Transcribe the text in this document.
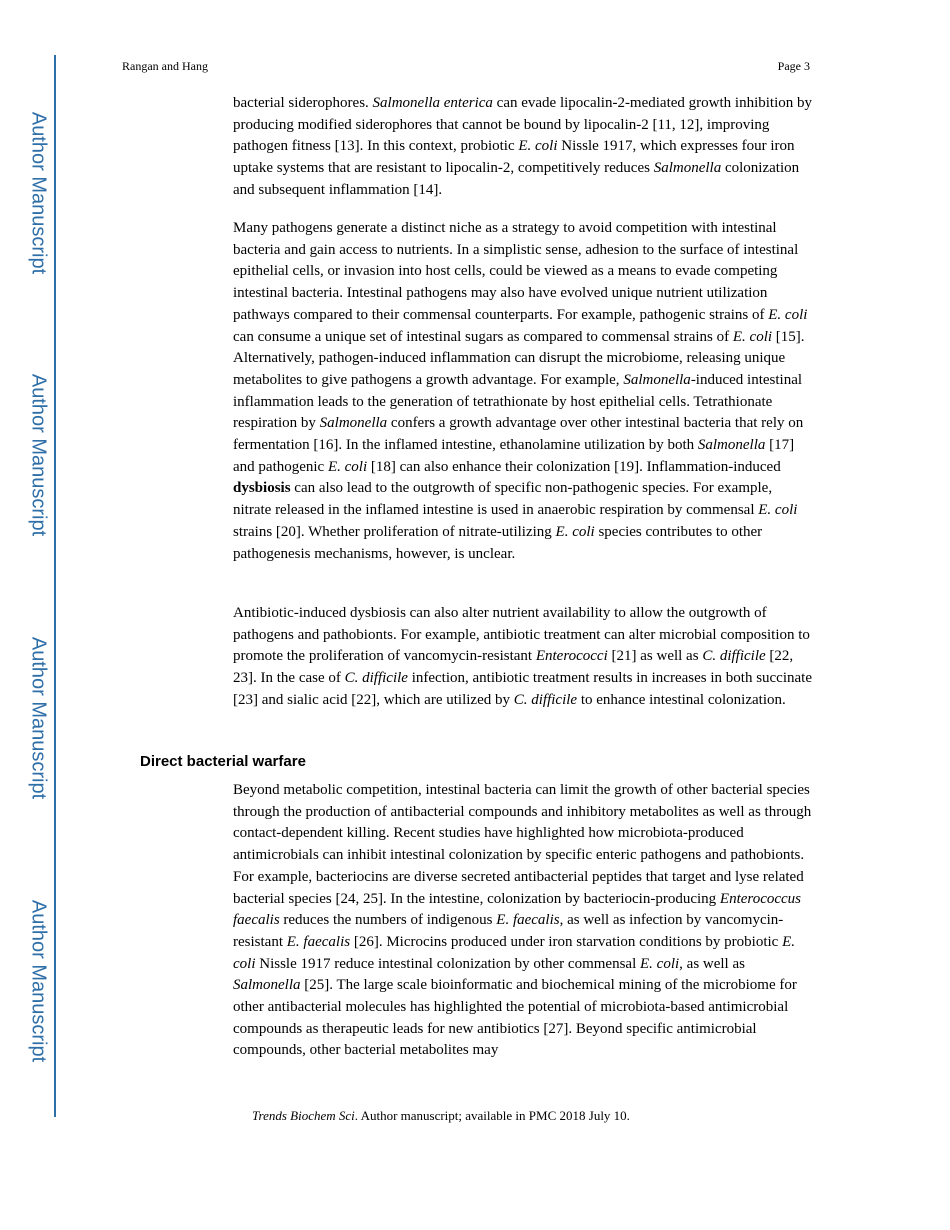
Author Manuscript
Author Manuscript
Author Manuscript
Author Manuscript
Rangan and Hang	Page 3

bacterial siderophores. Salmonella enterica can evade lipocalin-2-mediated growth inhibition by producing modified siderophores that cannot be bound by lipocalin-2 [11, 12], improving pathogen fitness [13]. In this context, probiotic E. coli Nissle 1917, which expresses four iron uptake systems that are resistant to lipocalin-2, competitively reduces Salmonella colonization and subsequent inflammation [14].

Many pathogens generate a distinct niche as a strategy to avoid competition with intestinal bacteria and gain access to nutrients. In a simplistic sense, adhesion to the surface of intestinal epithelial cells, or invasion into host cells, could be viewed as a means to evade competing intestinal bacteria. Intestinal pathogens may also have evolved unique nutrient utilization pathways compared to their commensal counterparts. For example, pathogenic strains of E. coli can consume a unique set of intestinal sugars as compared to commensal strains of E. coli [15]. Alternatively, pathogen-induced inflammation can disrupt the microbiome, releasing unique metabolites to give pathogens a growth advantage. For example, Salmonella-induced intestinal inflammation leads to the generation of tetrathionate by host epithelial cells. Tetrathionate respiration by Salmonella confers a growth advantage over other intestinal bacteria that rely on fermentation [16]. In the inflamed intestine, ethanolamine utilization by both Salmonella [17] and pathogenic E. coli [18] can also enhance their colonization [19]. Inflammation-induced dysbiosis can also lead to the outgrowth of specific non-pathogenic species. For example, nitrate released in the inflamed intestine is used in anaerobic respiration by commensal E. coli strains [20]. Whether proliferation of nitrate-utilizing E. coli species contributes to other pathogenesis mechanisms, however, is unclear.

Antibiotic-induced dysbiosis can also alter nutrient availability to allow the outgrowth of pathogens and pathobionts. For example, antibiotic treatment can alter microbial composition to promote the proliferation of vancomycin-resistant Enterococci [21] as well as C. difficile [22, 23]. In the case of C. difficile infection, antibiotic treatment results in increases in both succinate [23] and sialic acid [22], which are utilized by C. difficile to enhance intestinal colonization.

Direct bacterial warfare

Beyond metabolic competition, intestinal bacteria can limit the growth of other bacterial species through the production of antibacterial compounds and inhibitory metabolites as well as through contact-dependent killing. Recent studies have highlighted how microbiota-produced antimicrobials can inhibit intestinal colonization by specific enteric pathogens and pathobionts. For example, bacteriocins are diverse secreted antibacterial peptides that target and lyse related bacterial species [24, 25]. In the intestine, colonization by bacteriocin-producing Enterococcus faecalis reduces the numbers of indigenous E. faecalis, as well as infection by vancomycin-resistant E. faecalis [26]. Microcins produced under iron starvation conditions by probiotic E. coli Nissle 1917 reduce intestinal colonization by other commensal E. coli, as well as Salmonella [25]. The large scale bioinformatic and biochemical mining of the microbiome for other antibacterial molecules has highlighted the potential of microbiota-based antimicrobial compounds as therapeutic leads for new antibiotics [27]. Beyond specific antimicrobial compounds, other bacterial metabolites may

Trends Biochem Sci. Author manuscript; available in PMC 2018 July 10.
